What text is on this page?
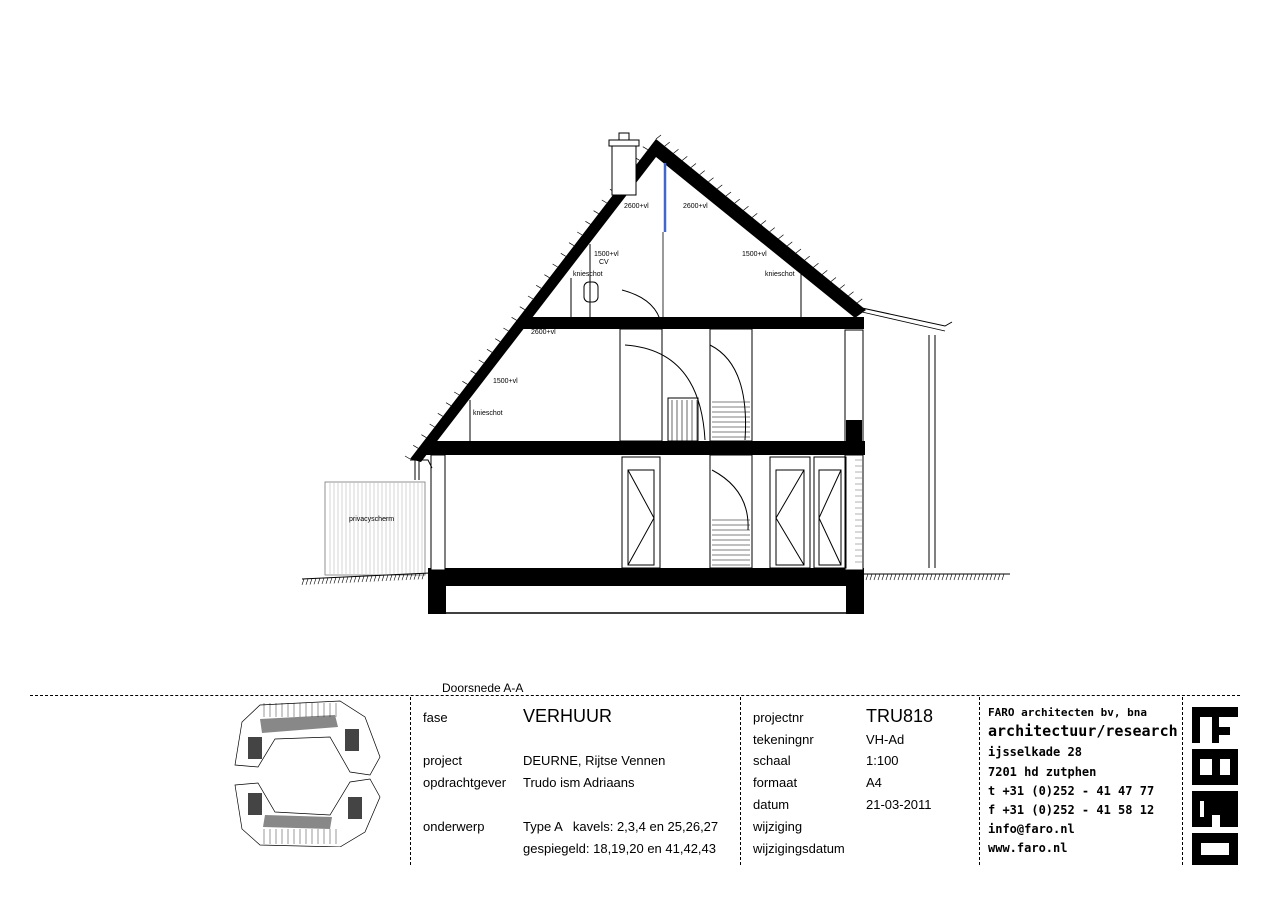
privacyscherm
2600+vl	2600+vl
1500+vl
CV
1500+vl
knieschot	knieschot
2600+vl
1500+vl
knieschot
Doorsnede A-A
fase	VERHUUR
project	DEURNE, Rijtse Vennen
opdrachtgever Trudo ism Adriaans
onderwerp	Type A   kavels: 2,3,4 en 25,26,27
gespiegeld: 18,19,20 en 41,42,43
projectnr	TRU818
tekeningnr	VH-Ad
schaal	1:100
formaat	A4
datum	21-03-2011
wijziging
wijzigingsdatum
FARO architecten bv, bna
architectuur/research
ijsselkade 28
7201 hd zutphen
t +31 (0)252 - 41 47 77
f +31 (0)252 - 41 58 12
info@faro.nl
www.faro.nl
